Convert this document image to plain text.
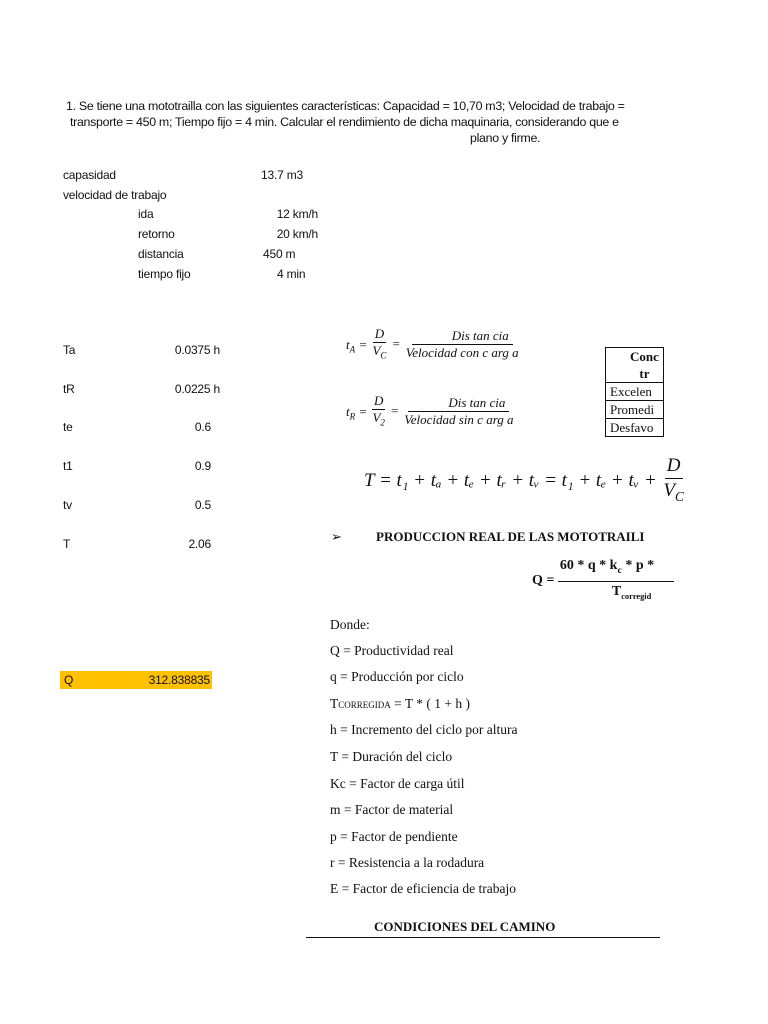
1. Se tiene una mototrailla con las siguientes características: Capacidad = 10,70 m3; Velocidad de trabajo =
transporte = 450 m; Tiempo fijo = 4 min. Calcular el rendimiento de dicha maquinaria, considerando que e
plano y firme.
capasidad	13.7 m3
velocidad de trabajo
ida	12 km/h
retorno	20 km/h
distancia	450 m
tiempo fijo	4 min
Ta	0.0375 h
tR	0.0225 h
te	0.6
t1	0.9
tv	0.5
T	2.06
Q	312.838835
$t_A = \frac{D}{V_C} = \frac{\text{Dis tan cia}}{\text{Velocidad con c arg a}}$
$t_R = \frac{D}{V_2} = \frac{\text{Dis tan cia}}{\text{Velocidad sin c arg a}}$
T = t₁ + tₐ + tₑ + tᵣ + tᵥ = t₁ + tₑ + tᵥ + $\frac{D}{V_C}$
Conc
tr
Excelen
Promedi
Desfavo
➢	PRODUCCION REAL DE LAS MOTOTRAILI
$Q = \frac{60 * q * k_c * p *}{T_{corregid}}$
Donde:
Q = Productividad real
q = Producción por ciclo
TCORREGIDA = T * ( 1 + h )
h = Incremento del ciclo por altura
T = Duración del ciclo
Kc = Factor de carga útil
m = Factor de material
p = Factor de pendiente
r = Resistencia a la rodadura
E = Factor de eficiencia de trabajo
CONDICIONES DEL CAMINO
